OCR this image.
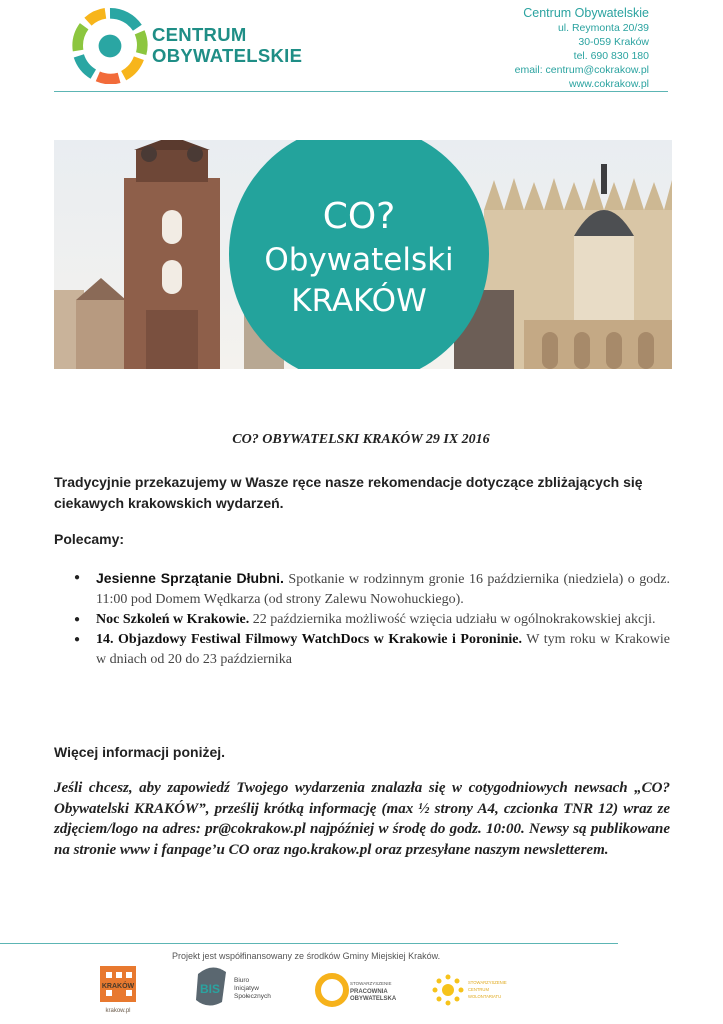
CENTRUM
OBYWATELSKIE
Centrum Obywatelskie
ul. Reymonta 20/39
30-059 Kraków
tel. 690 830 180
email: centrum@cokrakow.pl
www.cokrakow.pl
CO?
Obywatelski
KRAKÓW
CO? OBYWATELSKI KRAKÓW 29 IX 2016
Tradycyjnie przekazujemy w Wasze ręce nasze rekomendacje dotyczące zbliżających się ciekawych krakowskich wydarzeń.
Polecamy:
● Jesienne Sprzątanie Dłubni. Spotkanie w rodzinnym gronie 16 października (niedziela) o godz. 11:00 pod Domem Wędkarza (od strony Zalewu Nowohuckiego).
● Noc Szkoleń w Krakowie. 22 października możliwość wzięcia udziału w ogólnokrakowskiej akcji.
● 14. Objazdowy Festiwal Filmowy WatchDocs w Krakowie i Poroninie. W tym roku w Krakowie w dniach od 20 do 23 października
Więcej informacji poniżej.
Jeśli chcesz, aby zapowiedź Twojego wydarzenia znalazła się w cotygodniowych newsach „CO? Obywatelski KRAKÓW”, prześlij krótką informację (max ½ strony A4, czcionka TNR 12) wraz ze zdjęciem/logo na adres: pr@cokrakow.pl najpóźniej w środę do godz. 10:00. Newsy są publikowane na stronie www i fanpage’u CO oraz ngo.krakow.pl oraz przesyłane naszym newsletterem.
Projekt jest współfinansowany ze środków Gminy Miejskiej Kraków.
KRAKÓW
krakow.pl
BIS
Biuro
Inicjatyw
Społecznych
STOWARZYSZENIE
PRACOWNIA
OBYWATELSKA
STOWARZYSZENIE
CENTRUM
WOLONTARIATU
